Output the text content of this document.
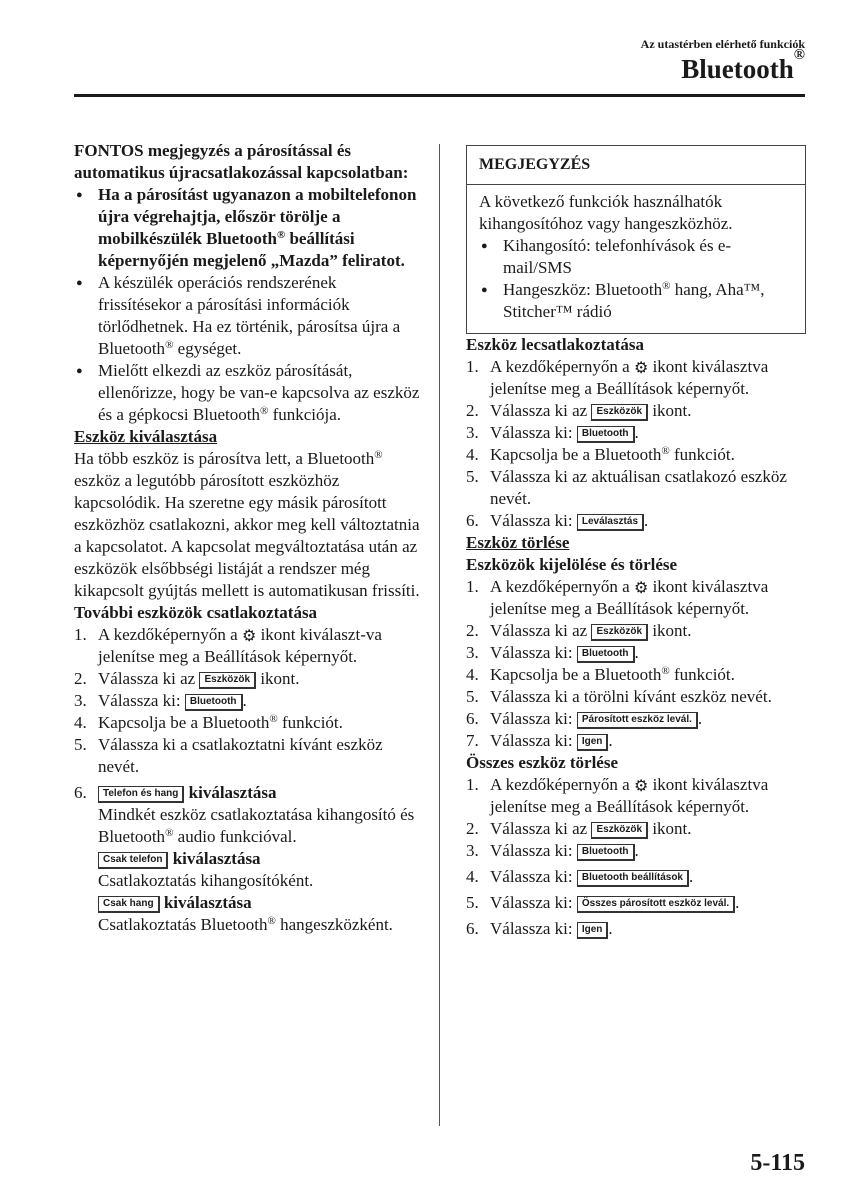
Az utastérben elérhető funkciók
Bluetooth®

FONTOS megjegyzés a párosítással és automatikus újracsatlakozással kapcsolatban:

● Ha a párosítást ugyanazon a mobiltelefonon újra végrehajtja, először törölje a mobilkészülék Bluetooth® beállítási képernyőjén megjelenő „Mazda” feliratot.
● A készülék operációs rendszerének frissítésekor a párosítási információk törlődhetnek. Ha ez történik, párosítsa újra a Bluetooth® egységet.
● Mielőtt elkezdi az eszköz párosítását, ellenőrizze, hogy be van-e kapcsolva az eszköz és a gépkocsi Bluetooth® funkciója.

Eszköz kiválasztása

Ha több eszköz is párosítva lett, a Bluetooth® eszköz a legutóbb párosított eszközhöz kapcsolódik. Ha szeretne egy másik párosított eszközhöz csatlakozni, akkor meg kell változtatnia a kapcsolatot. A kapcsolat megváltoztatása után az eszközök elsőbbségi listáját a rendszer még kikapcsolt gyújtás mellett is automatikusan frissíti.

További eszközök csatlakoztatása

1. A kezdőképernyőn a ⚙ ikont kiválaszt-va jelenítse meg a Beállítások képernyőt.
2. Válassza ki az Eszközök ikont.
3. Válassza ki: Bluetooth .
4. Kapcsolja be a Bluetooth® funkciót.
5. Válassza ki a csatlakoztatni kívánt eszköz nevét.
6. Telefon és hang kiválasztása

Mindkét eszköz csatlakoztatása kihangosító és Bluetooth® audio funkcióval.

Csak telefon kiválasztása

Csatlakoztatás kihangosítóként.

Csak hang kiválasztása

Csatlakoztatás Bluetooth® hangeszközként.

MEGJEGYZÉS

A következő funkciók használhatók kihangosítóhoz vagy hangeszközhöz.

● Kihangosító: telefonhívások és e-mail/SMS
● Hangeszköz: Bluetooth® hang, Aha™, Stitcher™ rádió

Eszköz lecsatlakoztatása

1. A kezdőképernyőn a ⚙ ikont kiválasztva jelenítse meg a Beállítások képernyőt.
2. Válassza ki az Eszközök ikont.
3. Válassza ki: Bluetooth .
4. Kapcsolja be a Bluetooth® funkciót.
5. Válassza ki az aktuálisan csatlakozó eszköz nevét.
6. Válassza ki: Leválasztás .

Eszköz törlése

Eszközök kijelölése és törlése

1. A kezdőképernyőn a ⚙ ikont kiválasztva jelenítse meg a Beállítások képernyőt.
2. Válassza ki az Eszközök ikont.
3. Válassza ki: Bluetooth .
4. Kapcsolja be a Bluetooth® funkciót.
5. Válassza ki a törölni kívánt eszköz nevét.
6. Válassza ki: Párosított eszköz levál. .
7. Válassza ki: Igen .

Összes eszköz törlése

1. A kezdőképernyőn a ⚙ ikont kiválasztva jelenítse meg a Beállítások képernyőt.
2. Válassza ki az Eszközök ikont.
3. Válassza ki: Bluetooth .
4. Válassza ki: Bluetooth beállítások .
5. Válassza ki: Összes párosított eszköz levál. .
6. Válassza ki: Igen .
5-115
